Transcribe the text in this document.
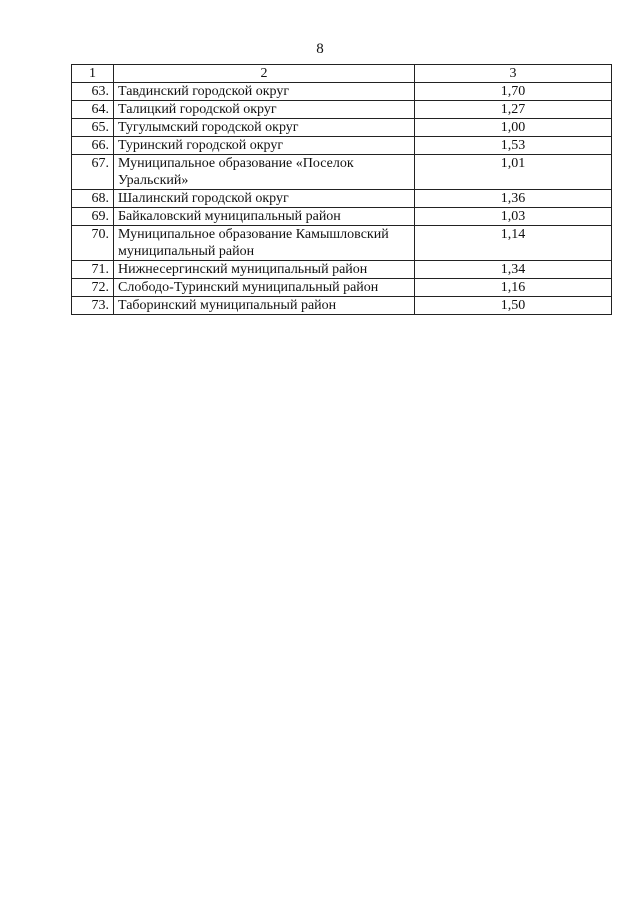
8
1	2	3
63.	Тавдинский городской округ	1,70
64.	Талицкий городской округ	1,27
65.	Тугулымский городской округ	1,00
66.	Туринский городской округ	1,53
67.	Муниципальное образование «Поселок Уральский»	1,01
68.	Шалинский городской округ	1,36
69.	Байкаловский муниципальный район	1,03
70.	Муниципальное образование Камышловский муниципальный район	1,14
71.	Нижнесергинский муниципальный район	1,34
72.	Слободо-Туринский муниципальный район	1,16
73.	Таборинский муниципальный район	1,50
